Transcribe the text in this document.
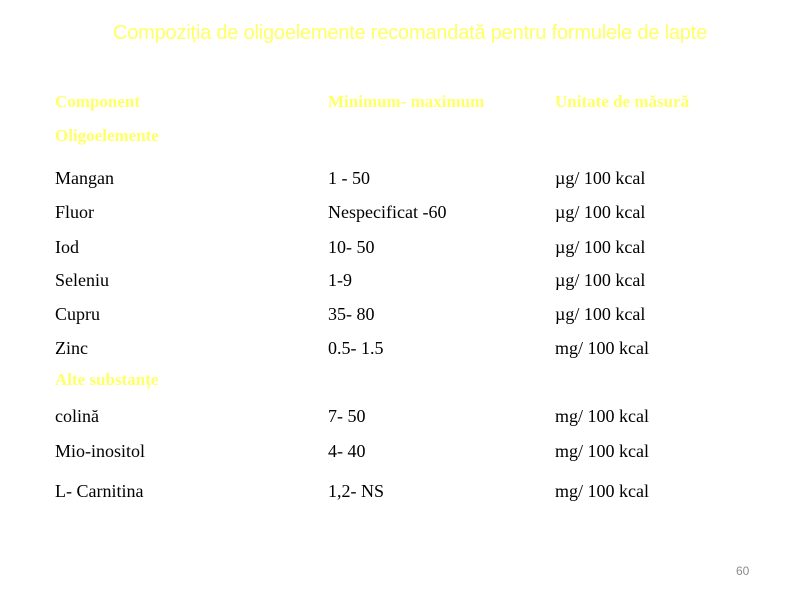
Compoziția de oligoelemente recomandată pentru formulele de lapte
Component	Minimum- maximum	Unitate de măsură
Oligoelemente
Mangan	1 - 50	µg/ 100 kcal
Fluor	Nespecificat -60	µg/ 100 kcal
Iod	10- 50	µg/ 100 kcal
Seleniu	1-9	µg/ 100 kcal
Cupru	35- 80	µg/ 100 kcal
Zinc	0.5- 1.5	mg/ 100 kcal
Alte substanțe
colină	7- 50	mg/ 100 kcal
Mio-inositol	4- 40	mg/ 100 kcal
L- Carnitina	1,2- NS	mg/ 100 kcal
60
